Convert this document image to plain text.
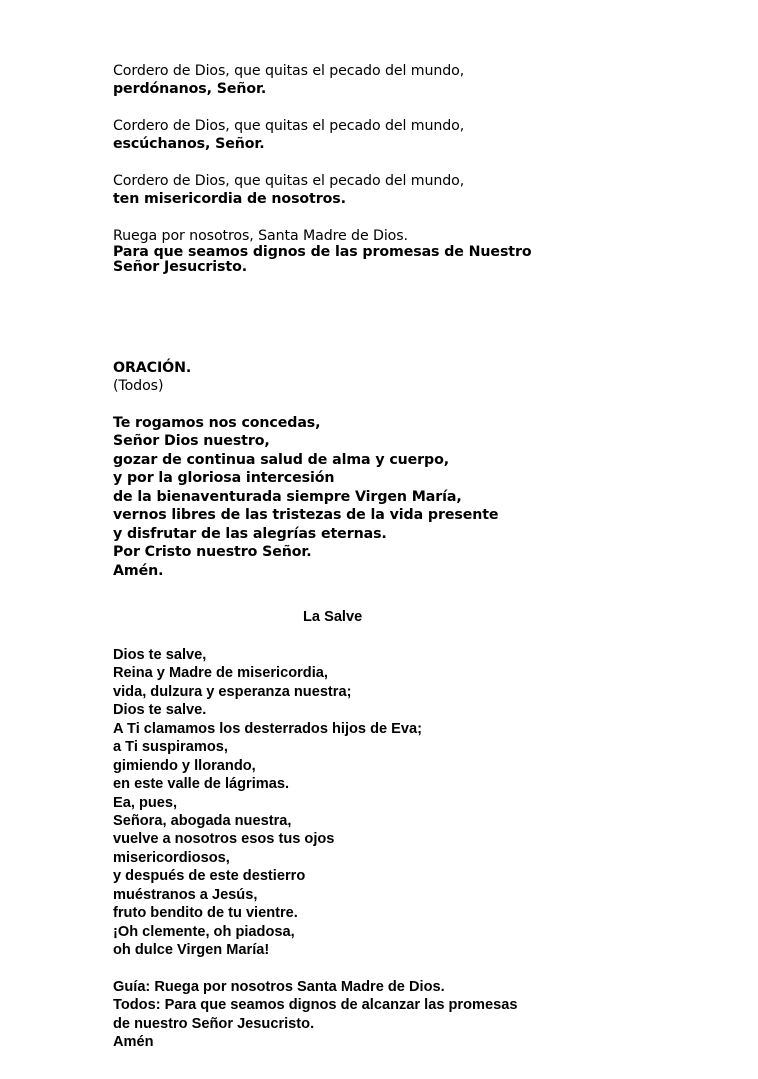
Cordero de Dios, que quitas el pecado del mundo,
perdónanos, Señor.
Cordero de Dios, que quitas el pecado del mundo,
escúchanos, Señor.
Cordero de Dios, que quitas el pecado del mundo,
ten misericordia de nosotros.
Ruega por nosotros, Santa Madre de Dios.
Para que seamos dignos de las promesas de Nuestro
Señor Jesucristo.
ORACIÓN.
(Todos)
Te rogamos nos concedas,
Señor Dios nuestro,
gozar de continua salud de alma y cuerpo,
y por la gloriosa intercesión
de la bienaventurada siempre Virgen María,
vernos libres de las tristezas de la vida presente
y disfrutar de las alegrías eternas.
Por Cristo nuestro Señor.
Amén.
La Salve
Dios te salve,
Reina y Madre de misericordia,
vida, dulzura y esperanza nuestra;
Dios te salve.
A Ti clamamos los desterrados hijos de Eva;
a Ti suspiramos,
gimiendo y llorando,
en este valle de lágrimas.
Ea, pues,
Señora, abogada nuestra,
vuelve a nosotros esos tus ojos
misericordiosos,
y después de este destierro
muéstranos a Jesús,
fruto bendito de tu vientre.
¡Oh clemente, oh piadosa,
oh dulce Virgen María!
Guía: Ruega por nosotros Santa Madre de Dios.
Todos: Para que seamos dignos de alcanzar las promesas
de nuestro Señor Jesucristo.
Amén
